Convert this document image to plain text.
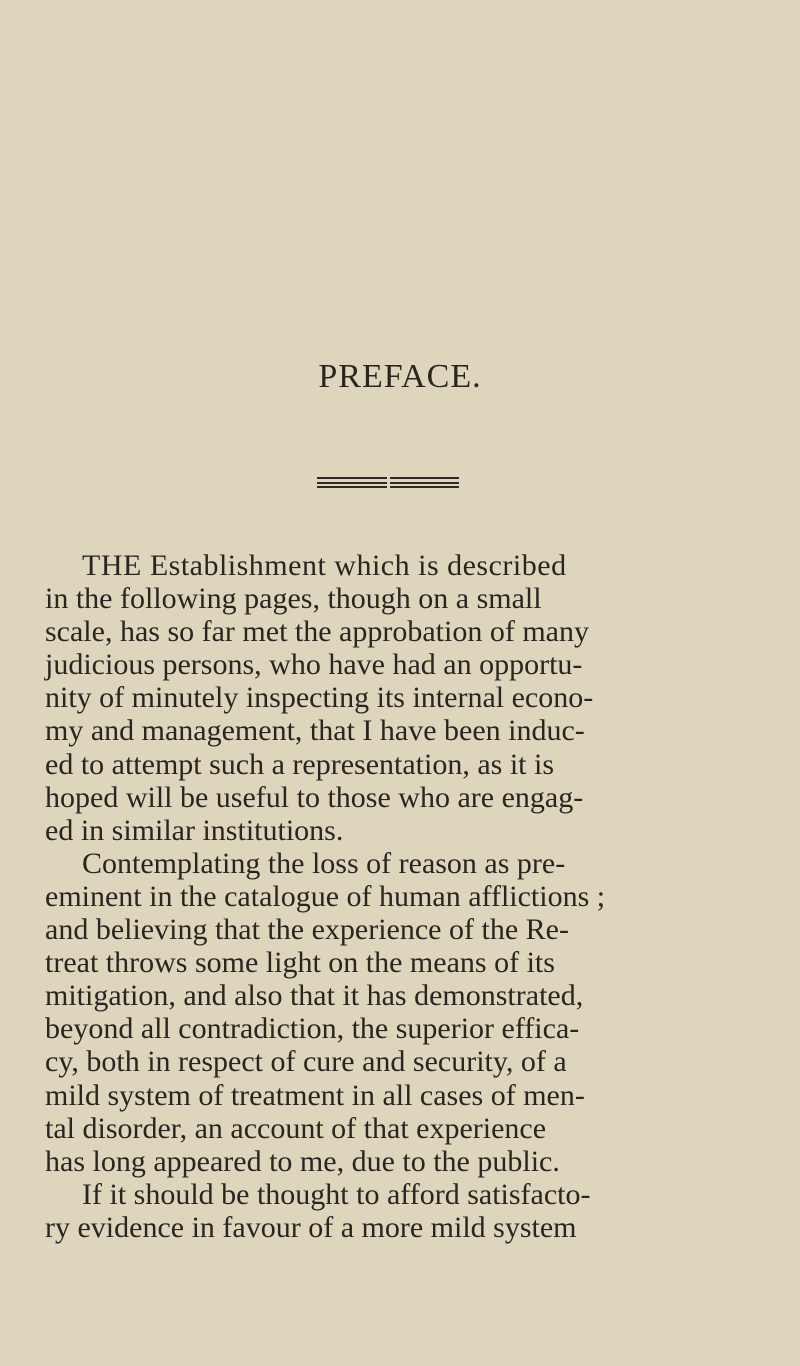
PREFACE.
THE Establishment which is described
in the following pages, though on a small
scale, has so far met the approbation of many
judicious persons, who have had an opportu-
nity of minutely inspecting its internal econo-
my and management, that I have been induc-
ed to attempt such a representation, as it is
hoped will be useful to those who are engag-
ed in similar institutions.
Contemplating the loss of reason as pre-
eminent in the catalogue of human afflictions ;
and believing that the experience of the Re-
treat throws some light on the means of its
mitigation, and also that it has demonstrated,
beyond all contradiction, the superior effica-
cy, both in respect of cure and security, of a
mild system of treatment in all cases of men-
tal disorder, an account of that experience
has long appeared to me, due to the public.
If it should be thought to afford satisfacto-
ry evidence in favour of a more mild system
